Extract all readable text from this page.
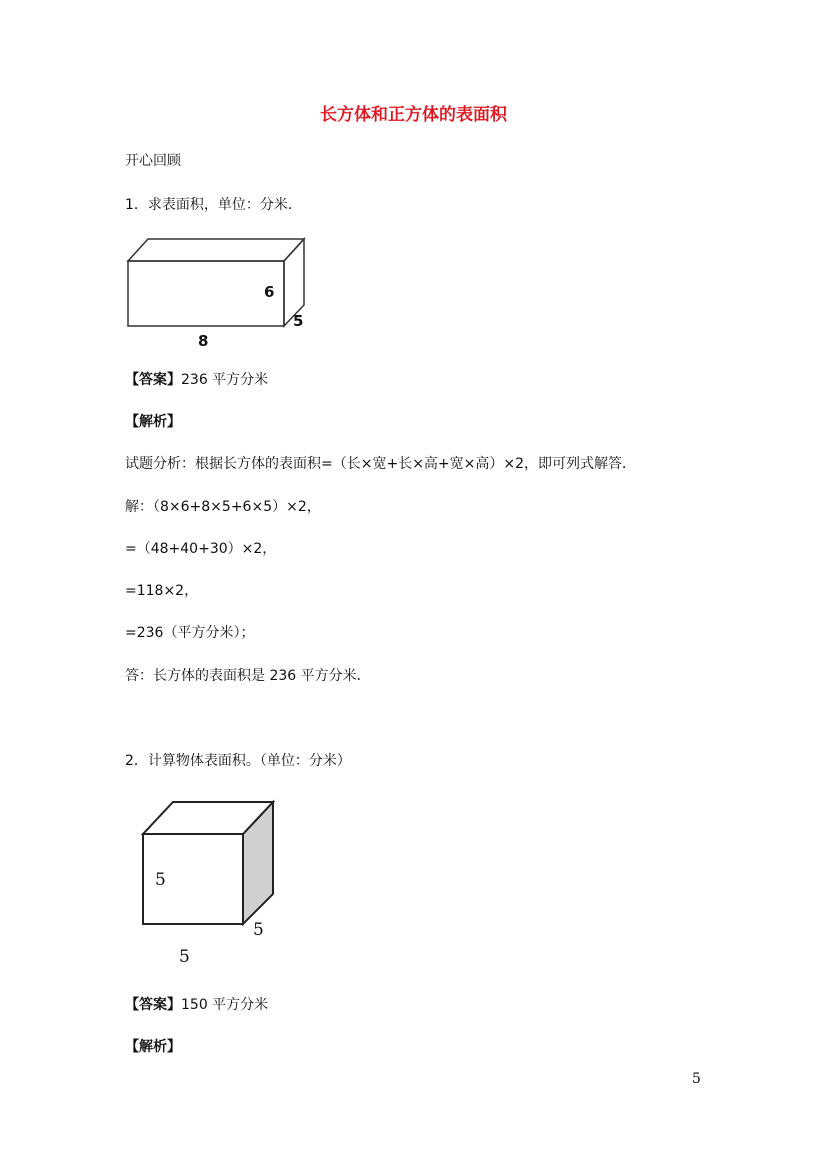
长方体和正方体的表面积
开心回顾
1．求表面积，单位：分米．
6
5
8
【答案】236 平方分米
【解析】
试题分析：根据长方体的表面积=（长×宽+长×高+宽×高）×2，即可列式解答．
解：（8×6+8×5+6×5）×2，
=（48+40+30）×2，
=118×2，
=236（平方分米）；
答：长方体的表面积是 236 平方分米．
2．计算物体表面积。（单位：分米）
5
5
5
【答案】150 平方分米
【解析】
5
